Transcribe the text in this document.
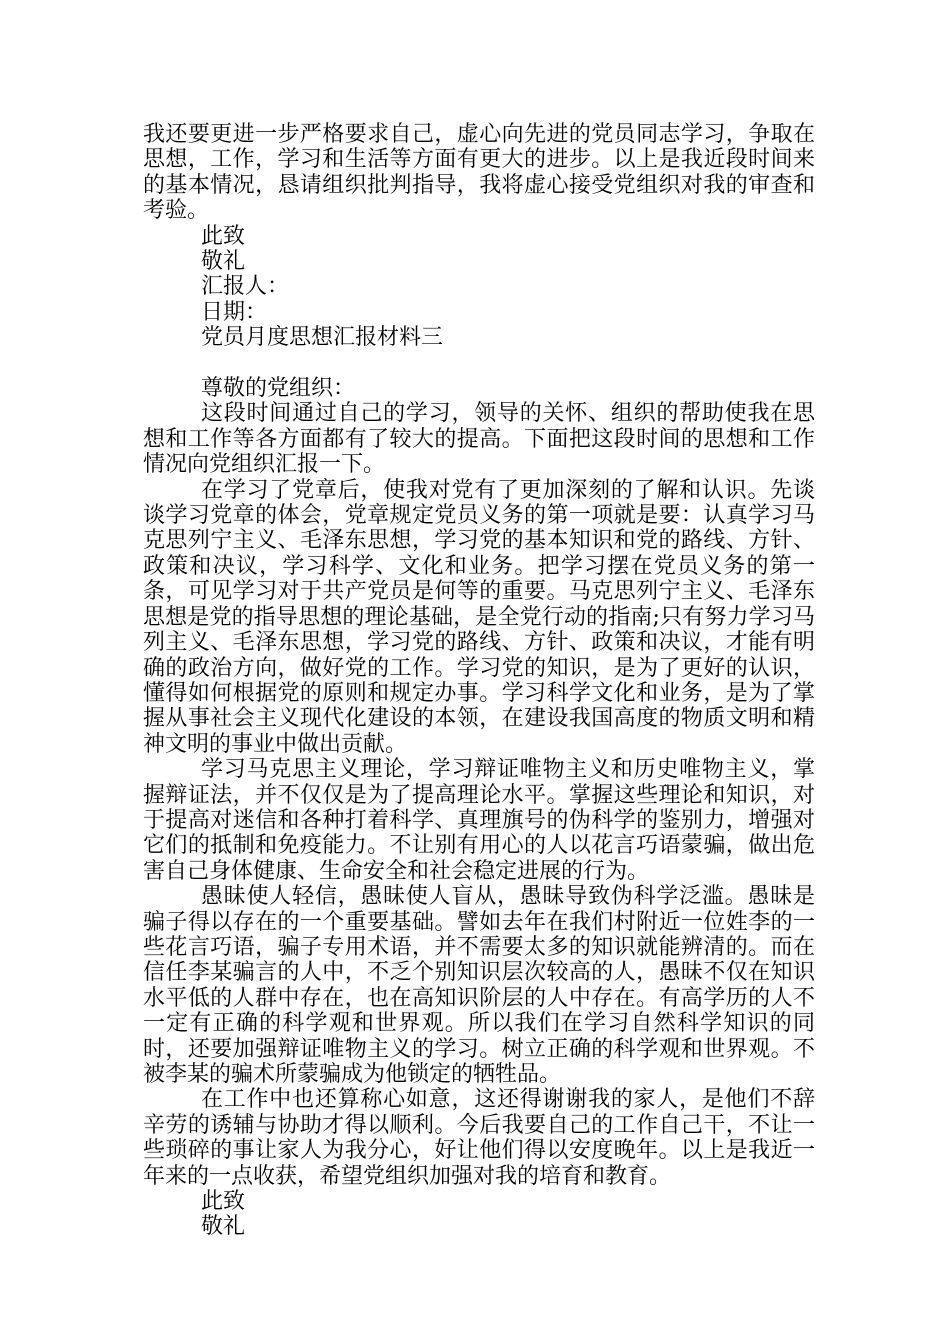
我还要更进一步严格要求自己，虚心向先进的党员同志学习，争取在思想，工作，学习和生活等方面有更大的进步。以上是我近段时间来的基本情况，恳请组织批判指导，我将虚心接受党组织对我的审查和考验。

此致

敬礼

汇报人：

日期：

党员月度思想汇报材料三

尊敬的党组织：

这段时间通过自己的学习，领导的关怀、组织的帮助使我在思想和工作等各方面都有了较大的提高。下面把这段时间的思想和工作情况向党组织汇报一下。

在学习了党章后，使我对党有了更加深刻的了解和认识。先谈谈学习党章的体会，党章规定党员义务的第一项就是要：认真学习马克思列宁主义、毛泽东思想，学习党的基本知识和党的路线、方针、政策和决议，学习科学、文化和业务。把学习摆在党员义务的第一条，可见学习对于共产党员是何等的重要。马克思列宁主义、毛泽东思想是党的指导思想的理论基础，是全党行动的指南;只有努力学习马列主义、毛泽东思想，学习党的路线、方针、政策和决议，才能有明确的政治方向，做好党的工作。学习党的知识，是为了更好的认识，懂得如何根据党的原则和规定办事。学习科学文化和业务，是为了掌握从事社会主义现代化建设的本领，在建设我国高度的物质文明和精神文明的事业中做出贡献。

学习马克思主义理论，学习辩证唯物主义和历史唯物主义，掌握辩证法，并不仅仅是为了提高理论水平。掌握这些理论和知识，对于提高对迷信和各种打着科学、真理旗号的伪科学的鉴别力，增强对它们的抵制和免疫能力。不让别有用心的人以花言巧语蒙骗，做出危害自己身体健康、生命安全和社会稳定进展的行为。

愚昧使人轻信，愚昧使人盲从，愚昧导致伪科学泛滥。愚昧是骗子得以存在的一个重要基础。譬如去年在我们村附近一位姓李的一些花言巧语，骗子专用术语，并不需要太多的知识就能辨清的。而在信任李某骗言的人中，不乏个别知识层次较高的人，愚昧不仅在知识水平低的人群中存在，也在高知识阶层的人中存在。有高学历的人不一定有正确的科学观和世界观。所以我们在学习自然科学知识的同时，还要加强辩证唯物主义的学习。树立正确的科学观和世界观。不被李某的骗术所蒙骗成为他锁定的牺牲品。

在工作中也还算称心如意，这还得谢谢我的家人，是他们不辞辛劳的诱辅与协助才得以顺利。今后我要自己的工作自己干，不让一些琐碎的事让家人为我分心，好让他们得以安度晚年。以上是我近一年来的一点收获，希望党组织加强对我的培育和教育。

此致

敬礼
